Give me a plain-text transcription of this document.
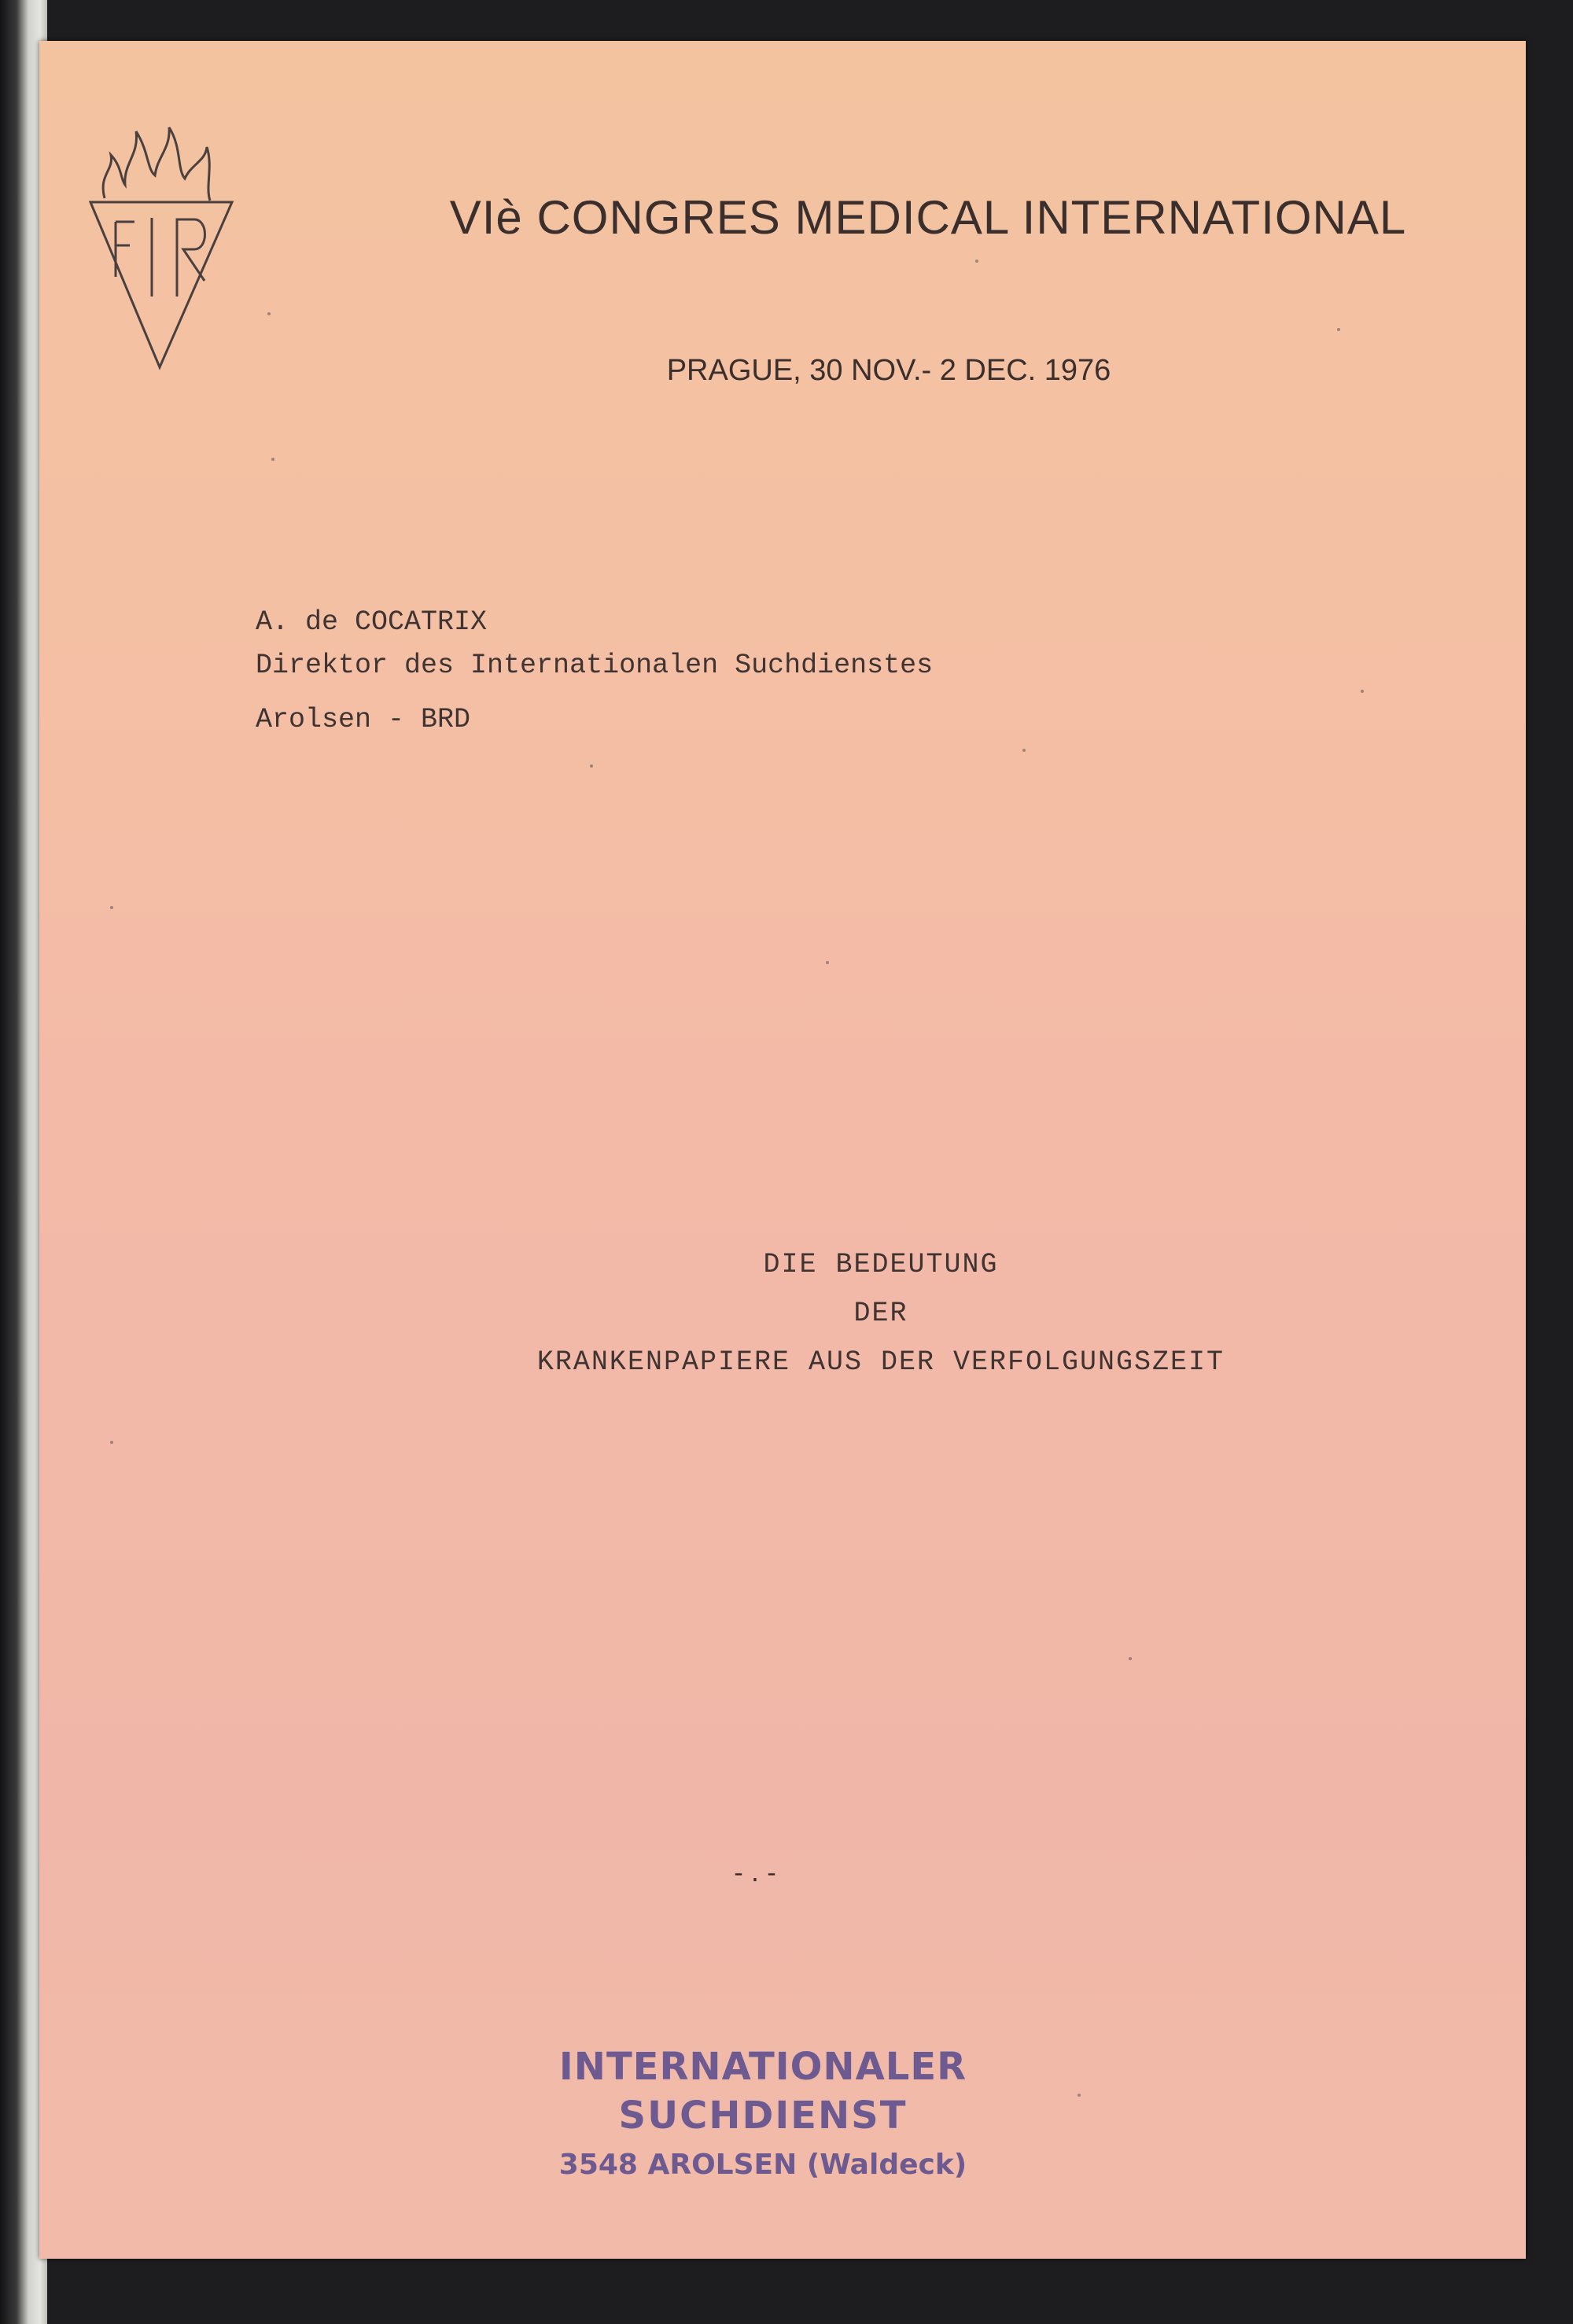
VIè CONGRES MEDICAL INTERNATIONAL
PRAGUE, 30 NOV.- 2 DEC. 1976
A. de COCATRIX
Direktor des Internationalen Suchdienstes
Arolsen - BRD
DIE BEDEUTUNG
DER
KRANKENPAPIERE AUS DER VERFOLGUNGSZEIT
- . -
INTERNATIONALER
SUCHDIENST
3548 AROLSEN (Waldeck)
